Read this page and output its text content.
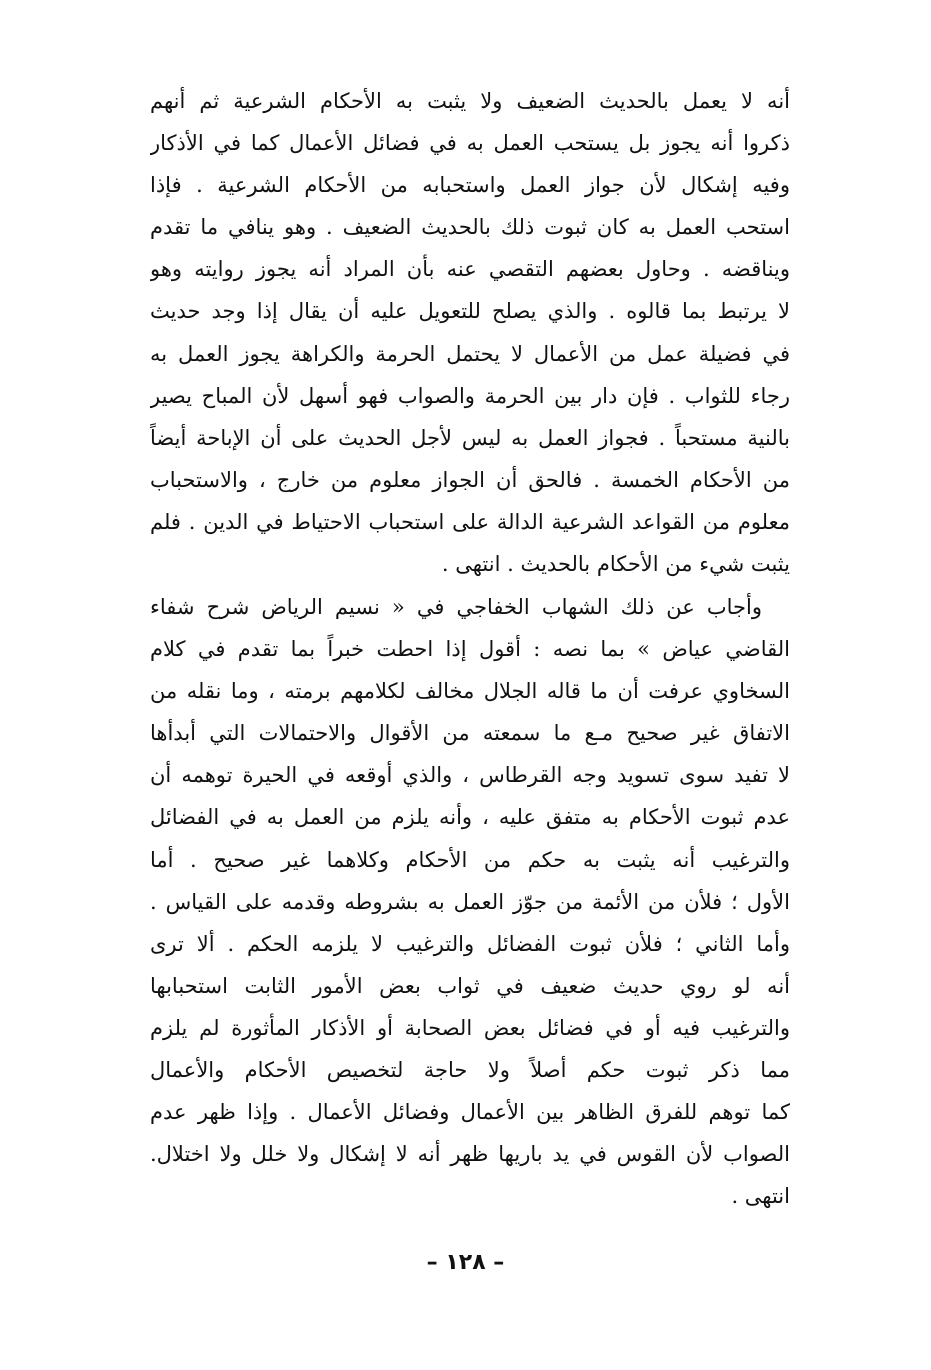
أنه لا يعمل بالحديث الضعيف ولا يثبت به الأحكام الشرعية ثم أنهم
ذكروا أنه يجوز بل يستحب العمل به في فضائل الأعمال كما في الأذكار
وفيه إشكال لأن جواز العمل واستحبابه من الأحكام الشرعية . فإذا
استحب العمل به كان ثبوت ذلك بالحديث الضعيف . وهو ينافي ما تقدم
ويناقضه . وحاول بعضهم التقصي عنه بأن المراد أنه يجوز روايته وهو
لا يرتبط بما قالوه . والذي يصلح للتعويل عليه أن يقال إذا وجد حديث
في فضيلة عمل من الأعمال لا يحتمل الحرمة والكراهة يجوز العمل به
رجاء للثواب . فإن دار بين الحرمة والصواب فهو أسهل لأن المباح يصير
بالنية مستحباً . فجواز العمل به ليس لأجل الحديث على أن الإباحة أيضاً
من الأحكام الخمسة . فالحق أن الجواز معلوم من خارج ، والاستحباب
معلوم من القواعد الشرعية الدالة على استحباب الاحتياط في الدين . فلم
يثبت شيء من الأحكام بالحديث . انتهى .
وأجاب عن ذلك الشهاب الخفاجي في « نسيم الرياض شرح شفاء
القاضي عياض » بما نصه : أقول إذا احطت خبراً بما تقدم في كلام
السخاوي عرفت أن ما قاله الجلال مخالف لكلامهم برمته ، وما نقله من
الاتفاق غير صحيح مـع ما سمعته من الأقوال والاحتمالات التي أبدأها
لا تفيد سوى تسويد وجه القرطاس ، والذي أوقعه في الحيرة توهمه أن
عدم ثبوت الأحكام به متفق عليه ، وأنه يلزم من العمل به في الفضائل
والترغيب أنه يثبت به حكم من الأحكام وكلاهما غير صحيح . أما
الأول ؛ فلأن من الأئمة من جوّز العمل به بشروطه وقدمه على القياس .
وأما الثاني ؛ فلأن ثبوت الفضائل والترغيب لا يلزمه الحكم . ألا ترى
أنه لو روي حديث ضعيف في ثواب بعض الأمور الثابت استحبابها
والترغيب فيه أو في فضائل بعض الصحابة أو الأذكار المأثورة لم يلزم
مما ذكر ثبوت حكم أصلاً ولا حاجة لتخصيص الأحكام والأعمال
كما توهم للفرق الظاهر بين الأعمال وفضائل الأعمال . وإذا ظهر عدم
الصواب لأن القوس في يد باريها ظهر أنه لا إشكال ولا خلل ولا اختلال.
انتهى .
– ١٢٨ –
